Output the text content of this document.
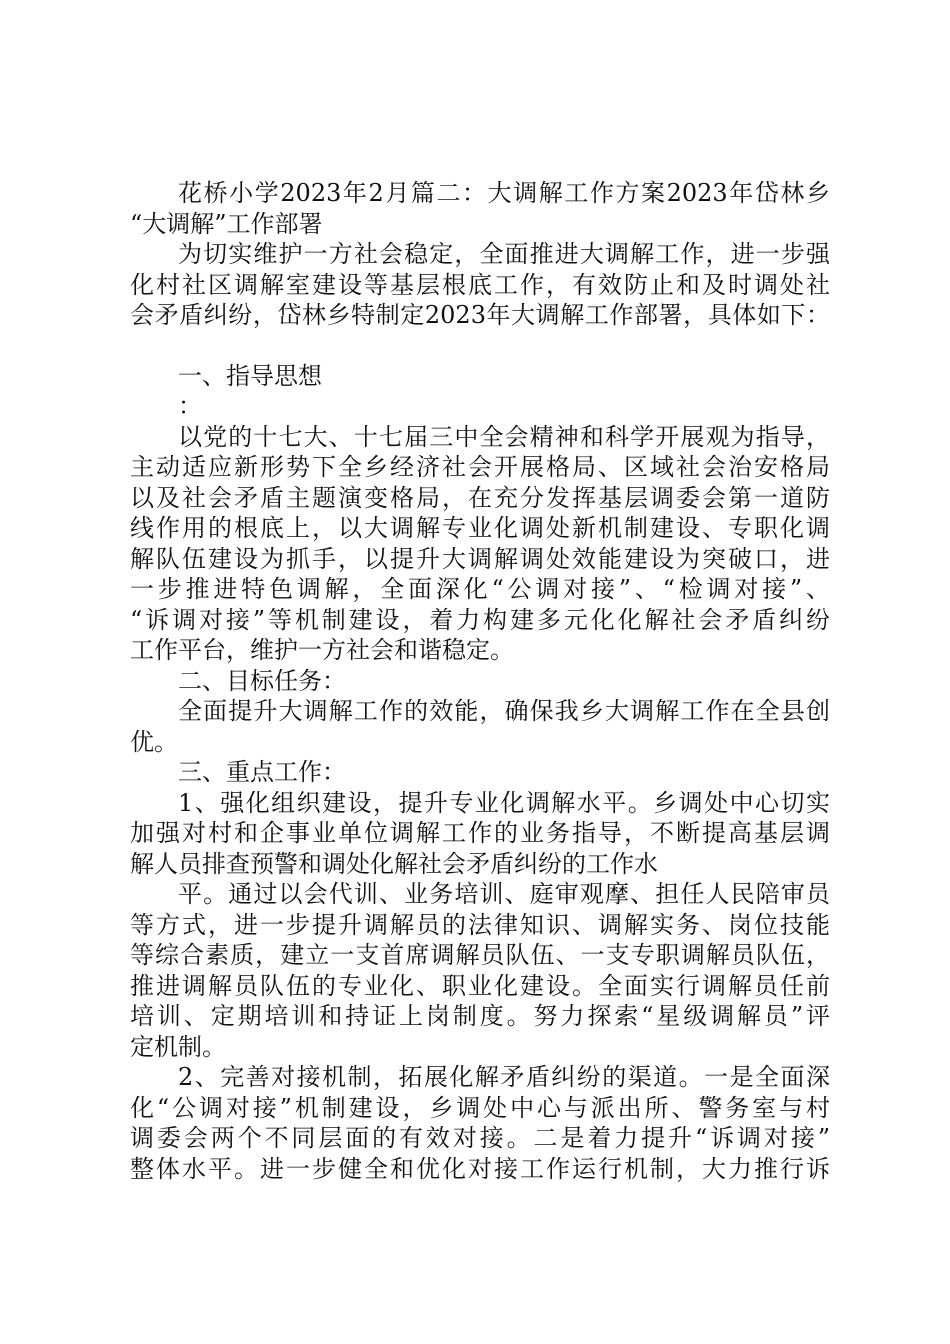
花桥小学2023年2月篇二：大调解工作方案2023年岱林乡
“大调解”工作部署
为切实维护一方社会稳定，全面推进大调解工作，进一步强
化村社区调解室建设等基层根底工作，有效防止和及时调处社
会矛盾纠纷，岱林乡特制定2023年大调解工作部署，具体如下：
一、指导思想
：
以党的十七大、十七届三中全会精神和科学开展观为指导，
主动适应新形势下全乡经济社会开展格局、区域社会治安格局
以及社会矛盾主题演变格局，在充分发挥基层调委会第一道防
线作用的根底上，以大调解专业化调处新机制建设、专职化调
解队伍建设为抓手，以提升大调解调处效能建设为突破口，进
一步推进特色调解，全面深化“公调对接”、“检调对接”、
“诉调对接”等机制建设，着力构建多元化化解社会矛盾纠纷
工作平台，维护一方社会和谐稳定。
二、目标任务：
全面提升大调解工作的效能，确保我乡大调解工作在全县创
优。
三、重点工作：
1、强化组织建设，提升专业化调解水平。乡调处中心切实
加强对村和企事业单位调解工作的业务指导，不断提高基层调
解人员排查预警和调处化解社会矛盾纠纷的工作水
平。通过以会代训、业务培训、庭审观摩、担任人民陪审员
等方式，进一步提升调解员的法律知识、调解实务、岗位技能
等综合素质，建立一支首席调解员队伍、一支专职调解员队伍，
推进调解员队伍的专业化、职业化建设。全面实行调解员任前
培训、定期培训和持证上岗制度。努力探索“星级调解员”评
定机制。
2、完善对接机制，拓展化解矛盾纠纷的渠道。一是全面深
化“公调对接”机制建设，乡调处中心与派出所、警务室与村
调委会两个不同层面的有效对接。二是着力提升“诉调对接”
整体水平。进一步健全和优化对接工作运行机制，大力推行诉
